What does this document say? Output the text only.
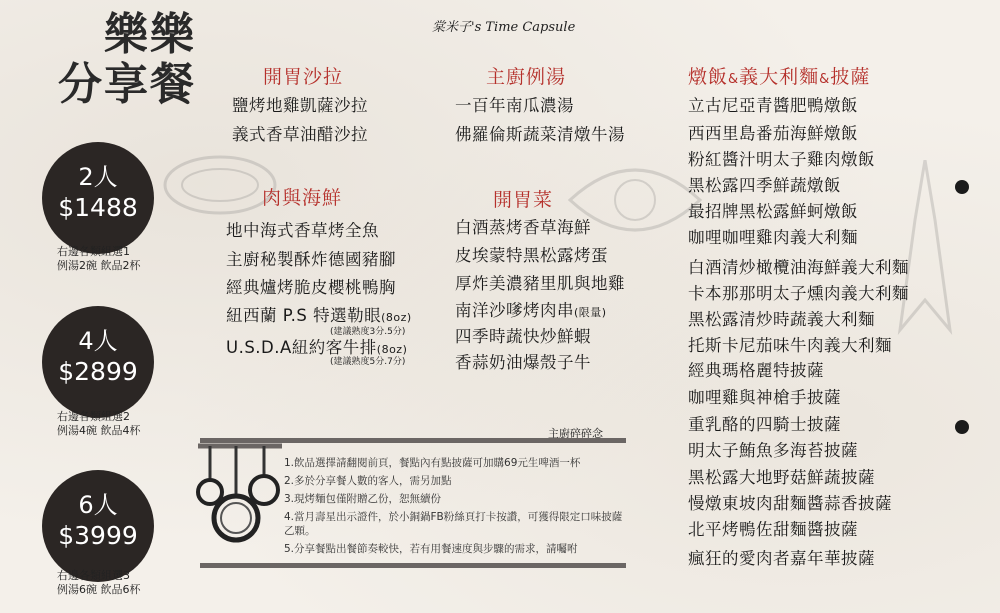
棠米子's Time Capsule
樂樂
分享餐
2人
$1488
右邊各類組選1
例湯2碗 飲品2杯
4人
$2899
右邊各類組選2
例湯4碗 飲品4杯
6人
$3999
右邊各類組選3
例湯6碗 飲品6杯
開胃沙拉
鹽烤地雞凱薩沙拉
義式香草油醋沙拉
主廚例湯
一百年南瓜濃湯
佛羅倫斯蔬菜清燉牛湯
肉與海鮮
地中海式香草烤全魚
主廚秘製酥炸德國豬腳
經典爐烤脆皮櫻桃鴨胸
紐西蘭 P.S 特選勒眼(8oz)
(建議熟度3分.5分)
U.S.D.A紐約客牛排(8oz)
(建議熟度5分.7分)
開胃菜
白酒蒸烤香草海鮮
皮埃蒙特黑松露烤蛋
厚炸美濃豬里肌與地雞
南洋沙嗲烤肉串(限量)
四季時蔬快炒鮮蝦
香蒜奶油爆殼子牛
燉飯&義大利麵&披薩
立古尼亞青醬肥鴨燉飯
西西里島番茄海鮮燉飯
粉紅醬汁明太子雞肉燉飯
黑松露四季鮮蔬燉飯
最招牌黑松露鮮蚵燉飯
咖哩咖哩雞肉義大利麵
白酒清炒橄欖油海鮮義大利麵
卡本那那明太子燻肉義大利麵
黑松露清炒時蔬義大利麵
托斯卡尼茄味牛肉義大利麵
經典瑪格麗特披薩
咖哩雞與神槍手披薩
重乳酪的四騎士披薩
明太子鮪魚多海苔披薩
黑松露大地野菇鮮蔬披薩
慢燉東坡肉甜麵醬蒜香披薩
北平烤鴨佐甜麵醬披薩
瘋狂的愛肉者嘉年華披薩
主廚碎碎念
1.飲品選擇請翻閱前頁，餐點內有點披薩可加購69元生啤酒一杯
2.多於分享餐人數的客人，需另加點
3.現烤麵包僅附贈乙份，恕無續份
4.當月壽星出示證件，於小銅鍋FB粉絲頁打卡按讚，可獲得限定口味披薩乙顆。
5.分享餐點出餐節奏較快，若有用餐速度與步驟的需求，請囑咐
